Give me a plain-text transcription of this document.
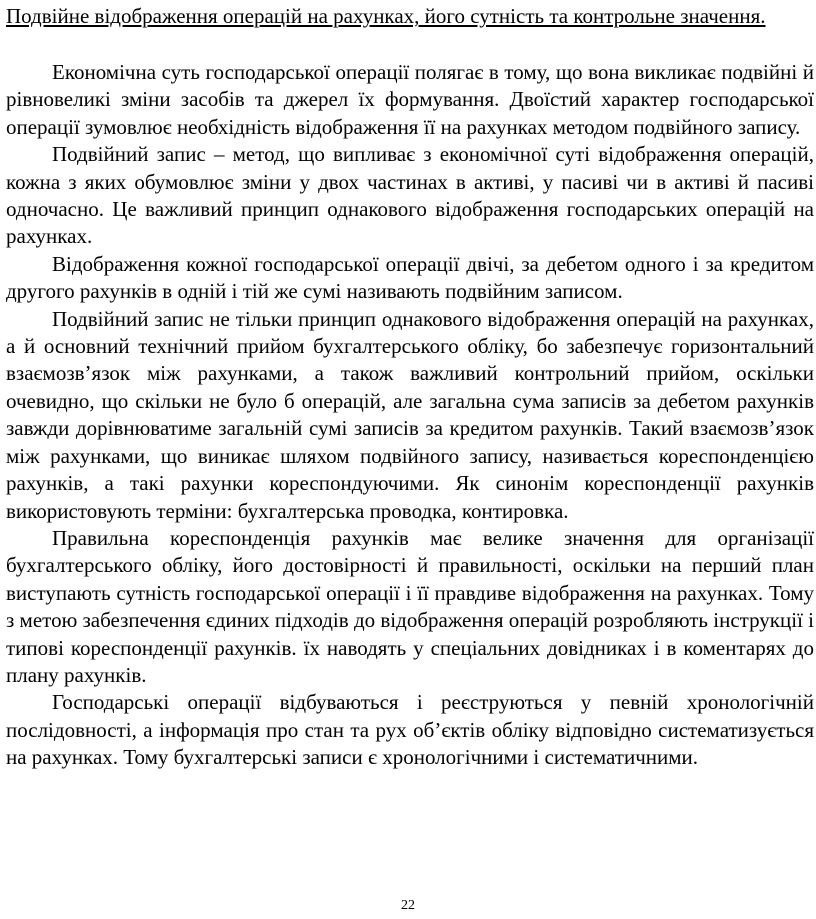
Подвійне відображення операцій на рахунках, його сутність та контрольне значення.

Економічна суть господарської операції полягає в тому, що вона викликає подвійні й рівновеликі зміни засобів та джерел їх формування. Двоїстий характер господарської операції зумовлює необхідність відображення її на рахунках методом подвійного запису.

Подвійний запис – метод, що випливає з економічної суті відображення операцій, кожна з яких обумовлює зміни у двох частинах в активі, у пасиві чи в активі й пасиві одночасно. Це важливий принцип однакового відображення господарських операцій на рахунках.

Відображення кожної господарської операції двічі, за дебетом одного і за кредитом другого рахунків в одній і тій же сумі називають подвійним записом.

Подвійний запис не тільки принцип однакового відображення операцій на рахунках, а й основний технічний прийом бухгалтерського обліку, бо забезпечує горизонтальний взаємозв’язок між рахунками, а також важливий контрольний прийом, оскільки очевидно, що скільки не було б операцій, але загальна сума записів за дебетом рахунків завжди дорівнюватиме загальній сумі записів за кредитом рахунків. Такий взаємозв’язок між рахунками, що виникає шляхом подвійного запису, називається кореспонденцією рахунків, а такі рахунки кореспондуючими. Як синонім кореспонденції рахунків використовують терміни: бухгалтерська проводка, контировка.

Правильна кореспонденція рахунків має велике значення для організації бухгалтерського обліку, його достовірності й правильності, оскільки на перший план виступають сутність господарської операції і її правдиве відображення на рахунках. Тому з метою забезпечення єдиних підходів до відображення операцій розробляють інструкції і типові кореспонденції рахунків. їх наводять у спеціальних довідниках і в коментарях до плану рахунків.

Господарські операції відбуваються і реєструються у певній хронологічній послідовності, а інформація про стан та рух об’єктів обліку відповідно систематизується на рахунках. Тому бухгалтерські записи є хронологічними і систематичними.

22
